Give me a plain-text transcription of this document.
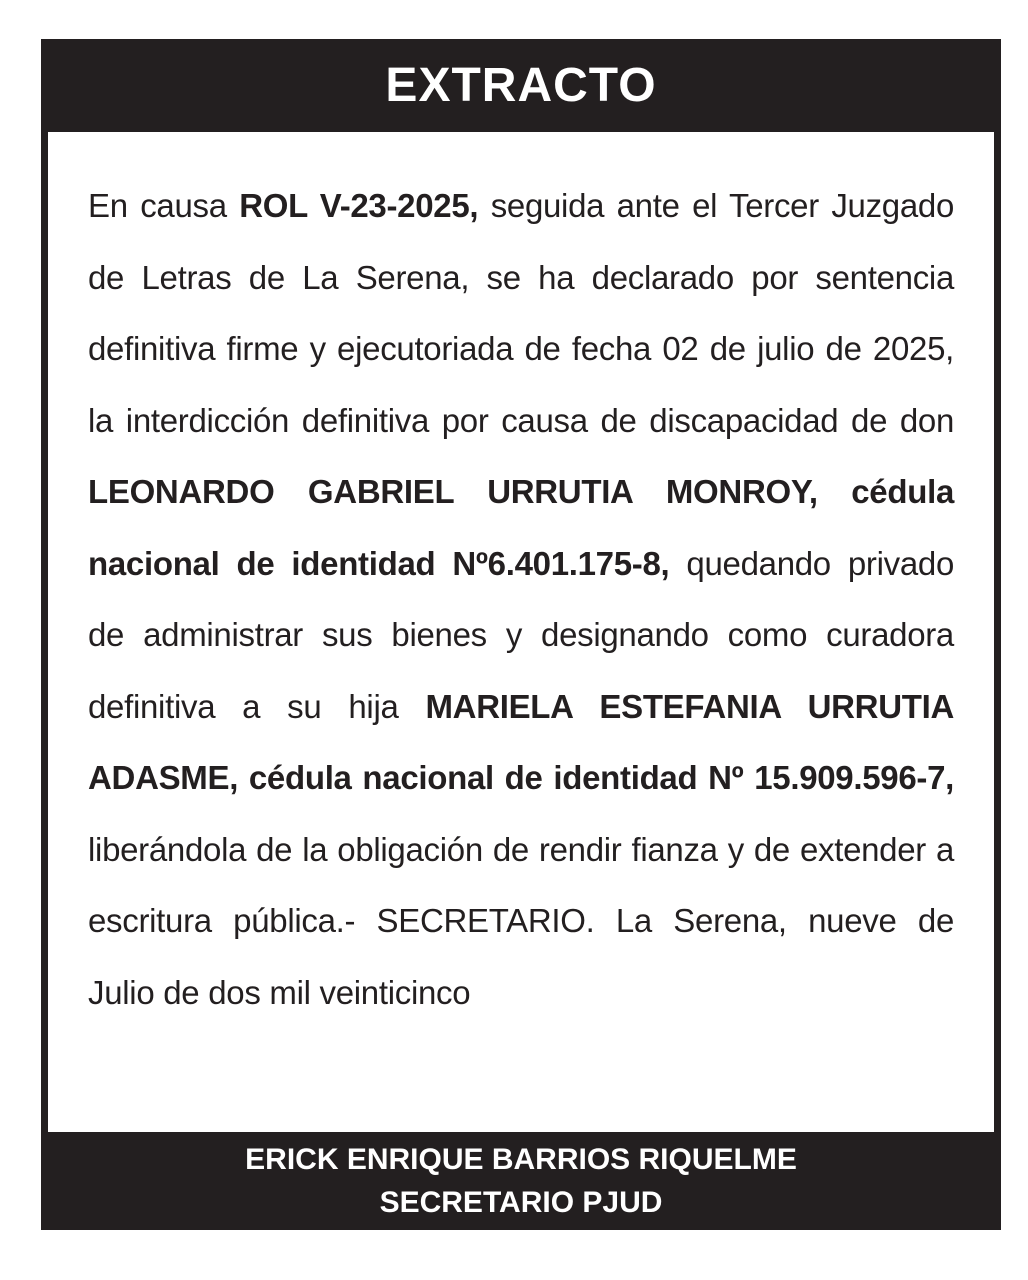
EXTRACTO

En causa ROL V-23-2025, seguida ante el Tercer Juzgado de Letras de La Serena, se ha declarado por sentencia definitiva firme y ejecutoriada de fecha 02 de julio de 2025, la interdicción definitiva por causa de discapacidad de don LEONARDO GABRIEL URRUTIA MONROY, cédula nacional de identidad Nº6.401.175-8, quedando privado de administrar sus bienes y designando como curadora definitiva a su hija MARIELA ESTEFANIA URRUTIA ADASME, cédula nacional de identidad Nº 15.909.596-7, liberándola de la obligación de rendir fianza y de extender a escritura pública.- SECRETARIO. La Serena, nueve de Julio de dos mil veinticinco

ERICK ENRIQUE BARRIOS RIQUELME
SECRETARIO PJUD
